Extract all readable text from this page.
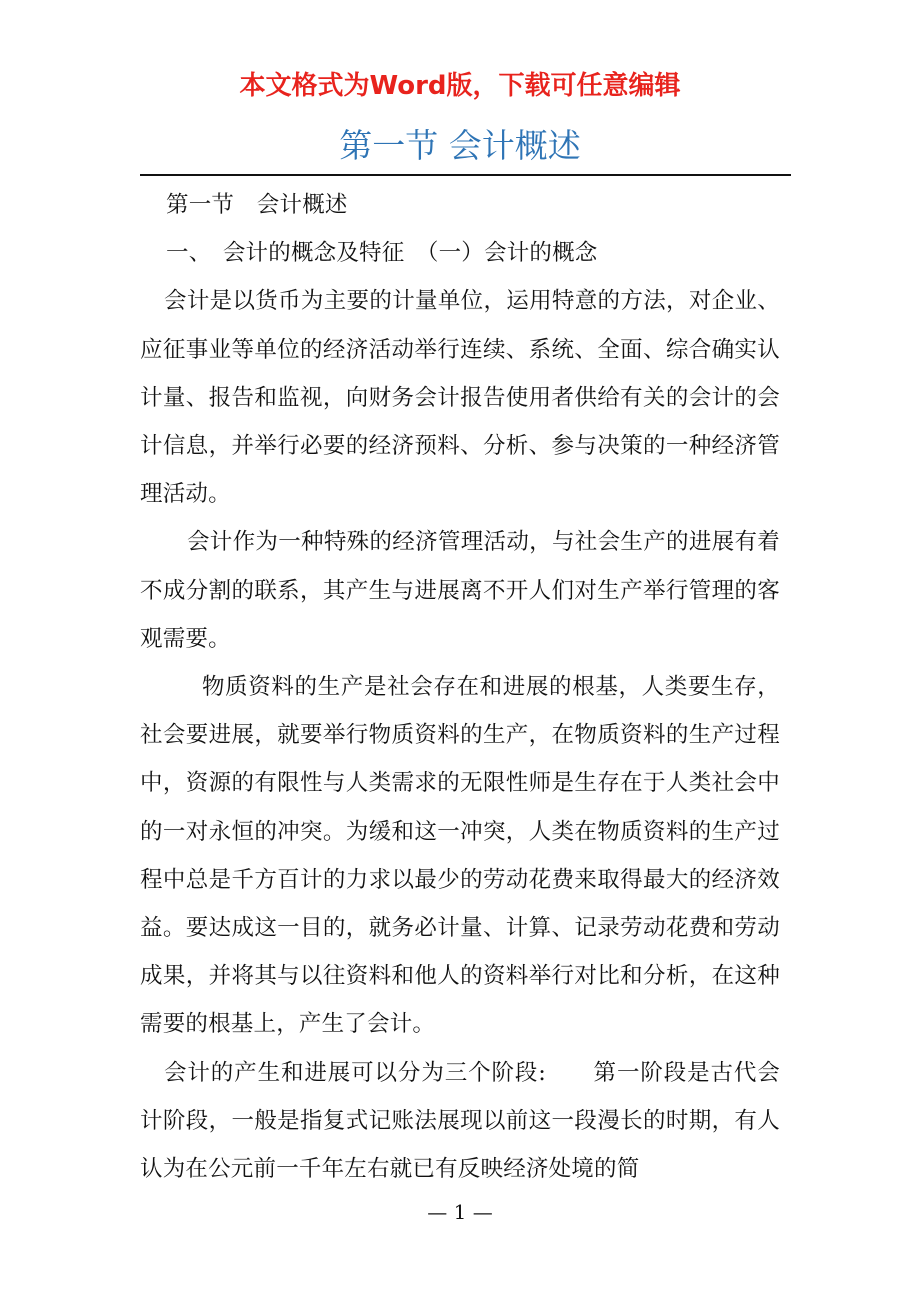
本文格式为Word版，下载可任意编辑
第一节 会计概述

第一节　会计概述

一、　会计的概念及特征　（一）会计的概念

会计是以货币为主要的计量单位，运用特意的方法，对企业、应征事业等单位的经济活动举行连续、系统、全面、综合确实认计量、报告和监视，向财务会计报告使用者供给有关的会计的会计信息，并举行必要的经济预料、分析、参与决策的一种经济管理活动。

会计作为一种特殊的经济管理活动，与社会生产的进展有着不成分割的联系，其产生与进展离不开人们对生产举行管理的客观需要。

物质资料的生产是社会存在和进展的根基，人类要生存，社会要进展，就要举行物质资料的生产，在物质资料的生产过程中，资源的有限性与人类需求的无限性师是生存在于人类社会中的一对永恒的冲突。为缓和这一冲突，人类在物质资料的生产过程中总是千方百计的力求以最少的劳动花费来取得最大的经济效益。要达成这一目的，就务必计量、计算、记录劳动花费和劳动成果，并将其与以往资料和他人的资料举行对比和分析，在这种需要的根基上，产生了会计。

会计的产生和进展可以分为三个阶段:　　第一阶段是古代会计阶段，一般是指复式记账法展现以前这一段漫长的时期，有人认为在公元前一千年左右就已有反映经济处境的简

— 1 —
